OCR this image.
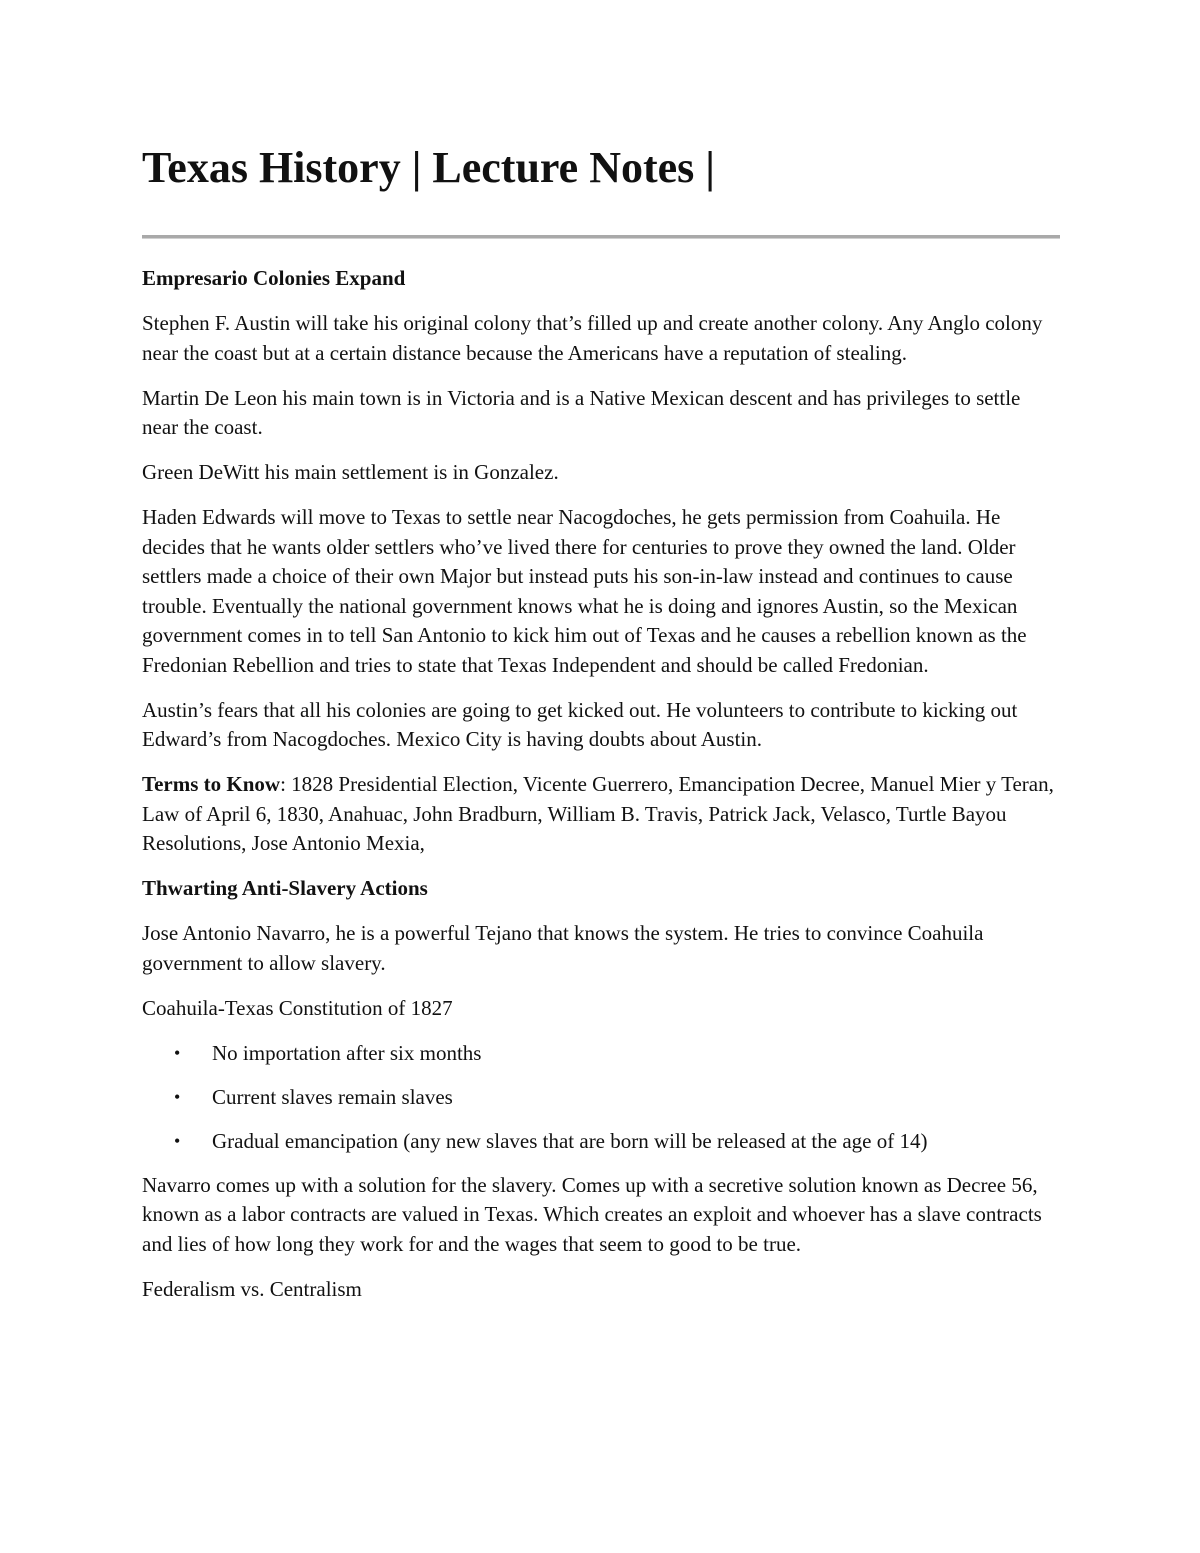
Texas History | Lecture Notes |
Empresario Colonies Expand

Stephen F. Austin will take his original colony that’s filled up and create another colony. Any Anglo colony near the coast but at a certain distance because the Americans have a reputation of stealing.

Martin De Leon his main town is in Victoria and is a Native Mexican descent and has privileges to settle near the coast.

Green DeWitt his main settlement is in Gonzalez.

Haden Edwards will move to Texas to settle near Nacogdoches, he gets permission from Coahuila. He decides that he wants older settlers who’ve lived there for centuries to prove they owned the land. Older settlers made a choice of their own Major but instead puts his son-in-law instead and continues to cause trouble. Eventually the national government knows what he is doing and ignores Austin, so the Mexican government comes in to tell San Antonio to kick him out of Texas and he causes a rebellion known as the Fredonian Rebellion and tries to state that Texas Independent and should be called Fredonian.

Austin’s fears that all his colonies are going to get kicked out. He volunteers to contribute to kicking out Edward’s from Nacogdoches. Mexico City is having doubts about Austin.

Terms to Know: 1828 Presidential Election, Vicente Guerrero, Emancipation Decree, Manuel Mier y Teran, Law of April 6, 1830, Anahuac, John Bradburn, William B. Travis, Patrick Jack, Velasco, Turtle Bayou Resolutions, Jose Antonio Mexia,

Thwarting Anti-Slavery Actions

Jose Antonio Navarro, he is a powerful Tejano that knows the system. He tries to convince Coahuila government to allow slavery.

Coahuila-Texas Constitution of 1827

• No importation after six months
• Current slaves remain slaves
• Gradual emancipation (any new slaves that are born will be released at the age of 14)

Navarro comes up with a solution for the slavery. Comes up with a secretive solution known as Decree 56, known as a labor contracts are valued in Texas. Which creates an exploit and whoever has a slave contracts and lies of how long they work for and the wages that seem to good to be true.

Federalism vs. Centralism
